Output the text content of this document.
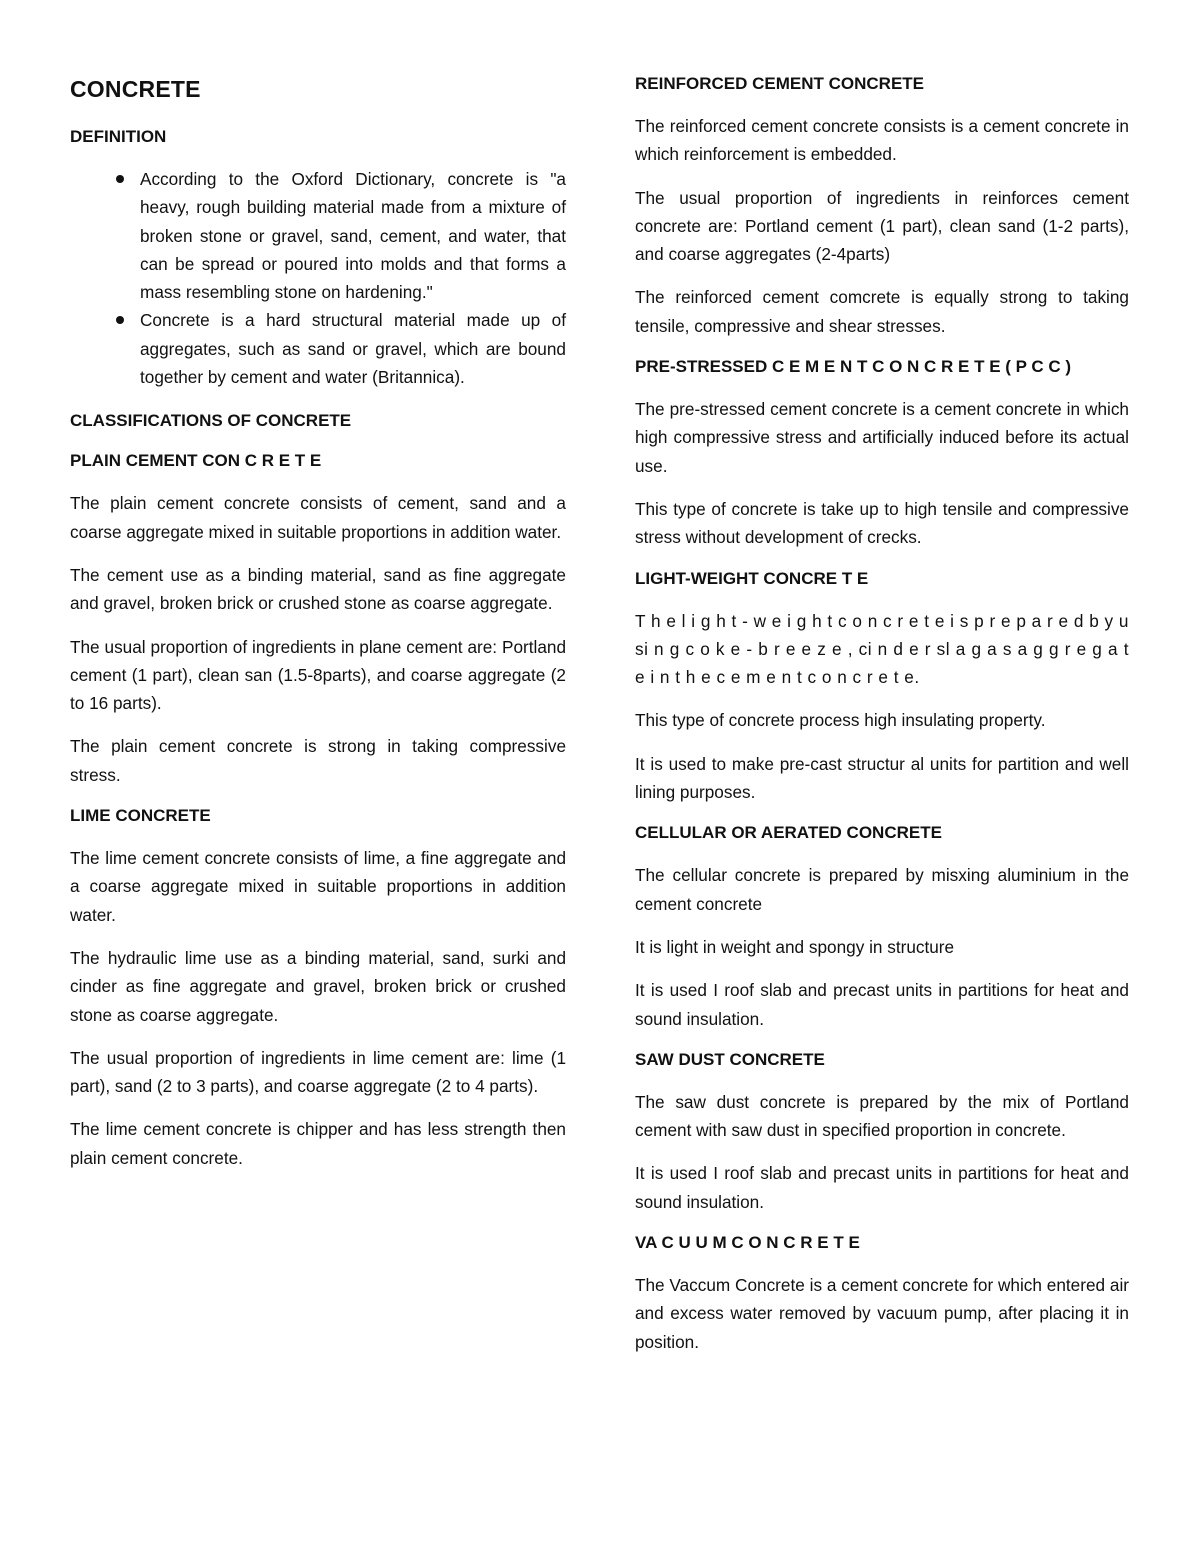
CONCRETE
DEFINITION
According to the Oxford Dictionary, concrete is "a heavy, rough building material made from a mixture of broken stone or gravel, sand, cement, and water, that can be spread or poured into molds and that forms a mass resembling stone on hardening."
Concrete is a hard structural material made up of aggregates, such as sand or gravel, which are bound together by cement and water (Britannica).
CLASSIFICATIONS OF CONCRETE
PLAIN CEMENT CON C R E T E

The plain cement concrete consists of cement, sand and a coarse aggregate mixed in suitable proportions in addition water.

The cement use as a binding material, sand as fine aggregate and gravel, broken brick or crushed stone as coarse aggregate.

The usual proportion of ingredients in plane cement are: Portland cement (1 part), clean san (1.5-8parts), and coarse aggregate (2 to 16 parts).

The plain cement concrete is strong in taking compressive stress.

LIME CONCRETE

The lime cement concrete consists of lime, a fine aggregate and a coarse aggregate mixed in suitable proportions in addition water.

The hydraulic lime use as a binding material, sand, surki and cinder as fine aggregate and gravel, broken brick or crushed stone as coarse aggregate.

The usual proportion of ingredients in lime cement are: lime (1 part), sand (2 to 3 parts), and coarse aggregate (2 to 4 parts).

The lime cement concrete is chipper and has less strength then plain cement concrete.

REINFORCED CEMENT CONCRETE

The reinforced cement concrete consists is a cement concrete in which reinforcement is embedded.

The usual proportion of ingredients in reinforces cement concrete are: Portland cement (1 part), clean sand (1-2 parts), and coarse aggregates (2-4parts)

The reinforced cement comcrete is equally strong to taking tensile, compressive and shear stresses.

PRE-STRESSED C E M E N T C O N C R E T E ( P C C )

The pre-stressed cement concrete is a cement concrete in which high compressive stress and artificially induced before its actual use.

This type of concrete is take up to high tensile and compressive stress without development of crecks.

LIGHT-WEIGHT CONCRE T E

T h e l i g h t - w e i g h t c o n c r e t e i s p r e p a r e d b y u si n g c o k e - b r e e z e , ci n d e r sl a g a s a g g r e g a t e i n t h e c e m e n t c o n c r e t e.

This type of concrete process high insulating property.

It is used to make pre-cast structur al units for partition and well lining purposes.

CELLULAR OR AERATED CONCRETE

The cellular concrete is prepared by misxing aluminium in the cement concrete

It is light in weight and spongy in structure

It is used I roof slab and precast units in partitions for heat and sound insulation.

SAW DUST CONCRETE

The saw dust concrete is prepared by the mix of Portland cement with saw dust in specified proportion in concrete.

It is used I roof slab and precast units in partitions for heat and sound insulation.

VA C U U M C O N C R E T E

The Vaccum Concrete is a cement concrete for which entered air and excess water removed by vacuum pump, after placing it in position.
